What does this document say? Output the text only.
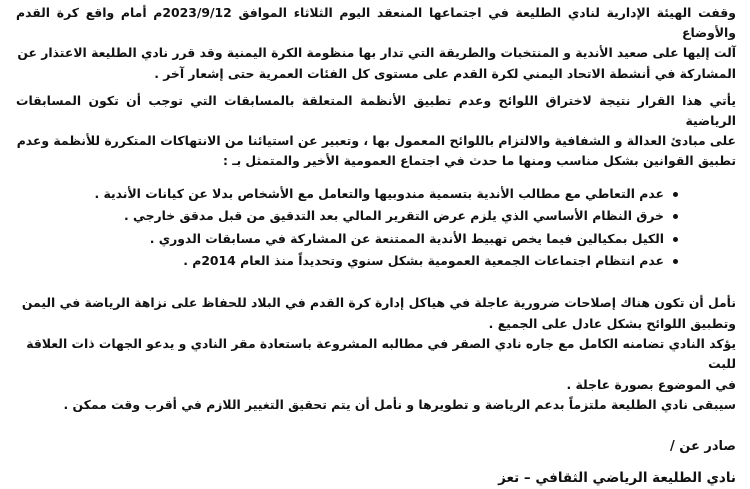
وقفت الهيئة الإدارية لنادي الطليعة في اجتماعها المنعقد اليوم الثلاثاء الموافق 2023/9/12م أمام واقع كرة القدم والأوضاع
آلت إليها على صعيد الأندية و المنتخبات والطريقة التي تدار بها منظومة الكرة اليمنية وقد قرر نادي الطليعة الاعتذار عن
المشاركة في أنشطة الاتحاد اليمني لكرة القدم على مستوى كل الفئات العمرية حتى إشعار آخر .

يأتي هذا القرار نتيجة لاختراق اللوائح وعدم تطبيق الأنظمة المتعلقة بالمسابقات التي توجب أن تكون المسابقات الرياضية
على مبادئ العدالة و الشفافية والالتزام باللوائح المعمول بها ، وتعبير عن استيائنا من الانتهاكات المتكررة للأنظمة وعدم
تطبيق القوانين بشكل مناسب ومنها ما حدث في اجتماع العمومية الأخير والمتمثل بـ :

عدم التعاطي مع مطالب الأندية بتسمية مندوبيها والتعامل مع الأشخاص بدلا عن كيانات الأندية .
خرق النظام الأساسي الذي يلزم عرض التقرير المالي بعد التدقيق من قبل مدقق خارجي .
الكيل بمكيالين فيما يخص تهبيط الأندية الممتنعة عن المشاركة في مسابقات الدوري .
عدم انتظام اجتماعات الجمعية العمومية بشكل سنوي وتحديداً منذ العام 2014م .

نأمل أن تكون هناك إصلاحات ضرورية عاجلة في هياكل إدارة كرة القدم في البلاد للحفاظ على نزاهة الرياضة في اليمن

وتطبيق اللوائح بشكل عادل على الجميع .

يؤكد النادي تضامنه الكامل مع جاره نادي الصقر في مطالبه المشروعة باستعادة مقر النادي و يدعو الجهات ذات العلاقة للبت

في الموضوع بصورة عاجلة .

سيبقى نادي الطليعة ملتزماً بدعم الرياضة و تطويرها و نأمل أن يتم تحقيق التغيير اللازم في أقرب وقت ممكن .

صادر عن /
نادي الطليعة الرياضي الثقافي – تعز
